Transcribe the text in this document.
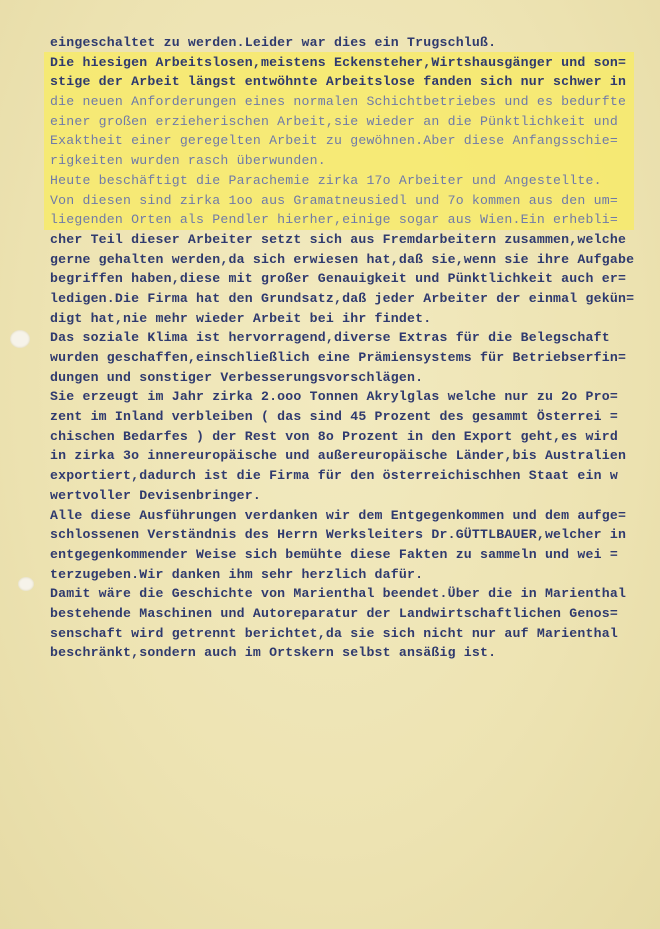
eingeschaltet zu werden.Leider war dies ein Trugschluß.
Die hiesigen Arbeitslosen,meistens Eckensteher,Wirtshausgänger und son=
stige der Arbeit längst entwöhnte Arbeitslose fanden sich nur schwer in
die neuen Anforderungen eines normalen Schichtbetriebes und es bedurfte
einer großen erzieherischen Arbeit,sie wieder an die Pünktlichkeit und
Exaktheit einer geregelten Arbeit zu gewöhnen.Aber diese Anfangsschie=
rigkeiten wurden rasch überwunden.
Heute beschäftigt die Parachemie zirka 17o Arbeiter und Angestellte.
Von diesen sind zirka 1oo aus Gramatneusiedl und 7o kommen aus den um=
liegenden Orten als Pendler hierher,einige sogar aus Wien.Ein erhebli=
cher Teil dieser Arbeiter setzt sich aus Fremdarbeitern zusammen,welche
gerne gehalten werden,da sich erwiesen hat,daß sie,wenn sie ihre Aufgabe
begriffen haben,diese mit großer Genauigkeit und Pünktlichkeit auch er=
ledigen.Die Firma hat den Grundsatz,daß jeder Arbeiter der einmal gekün=
digt hat,nie mehr wieder Arbeit bei ihr findet.
Das soziale Klima ist hervorragend,diverse Extras für die Belegschaft
wurden geschaffen,einschließlich eine Prämiensystems für Betriebserfin=
dungen und sonstiger Verbesserungsvorschlägen.
Sie erzeugt im Jahr zirka 2.ooo Tonnen Akrylglas welche nur zu 2o Pro=
zent im Inland verbleiben ( das sind 45 Prozent des gesammt Österrei =
chischen Bedarfes ) der Rest von 8o Prozent in den Export geht,es wird
in zirka 3o innereuropäische und außereuropäische Länder,bis Australien
exportiert,dadurch ist die Firma für den österreichischhen Staat ein w
wertvoller Devisenbringer.
Alle diese Ausführungen verdanken wir dem Entgegenkommen und dem aufge=
schlossenen Verständnis des Herrn Werksleiters Dr.GÜTTLBAUER,welcher in
entgegenkommender Weise sich bemühte diese Fakten zu sammeln und wei =
terzugeben.Wir danken ihm sehr herzlich dafür.
Damit wäre die Geschichte von Marienthal beendet.Über die in Marienthal
bestehende Maschinen und Autoreparatur der Landwirtschaftlichen Genos=
senschaft wird getrennt berichtet,da sie sich nicht nur auf Marienthal
beschränkt,sondern auch im Ortskern selbst ansäßig ist.
